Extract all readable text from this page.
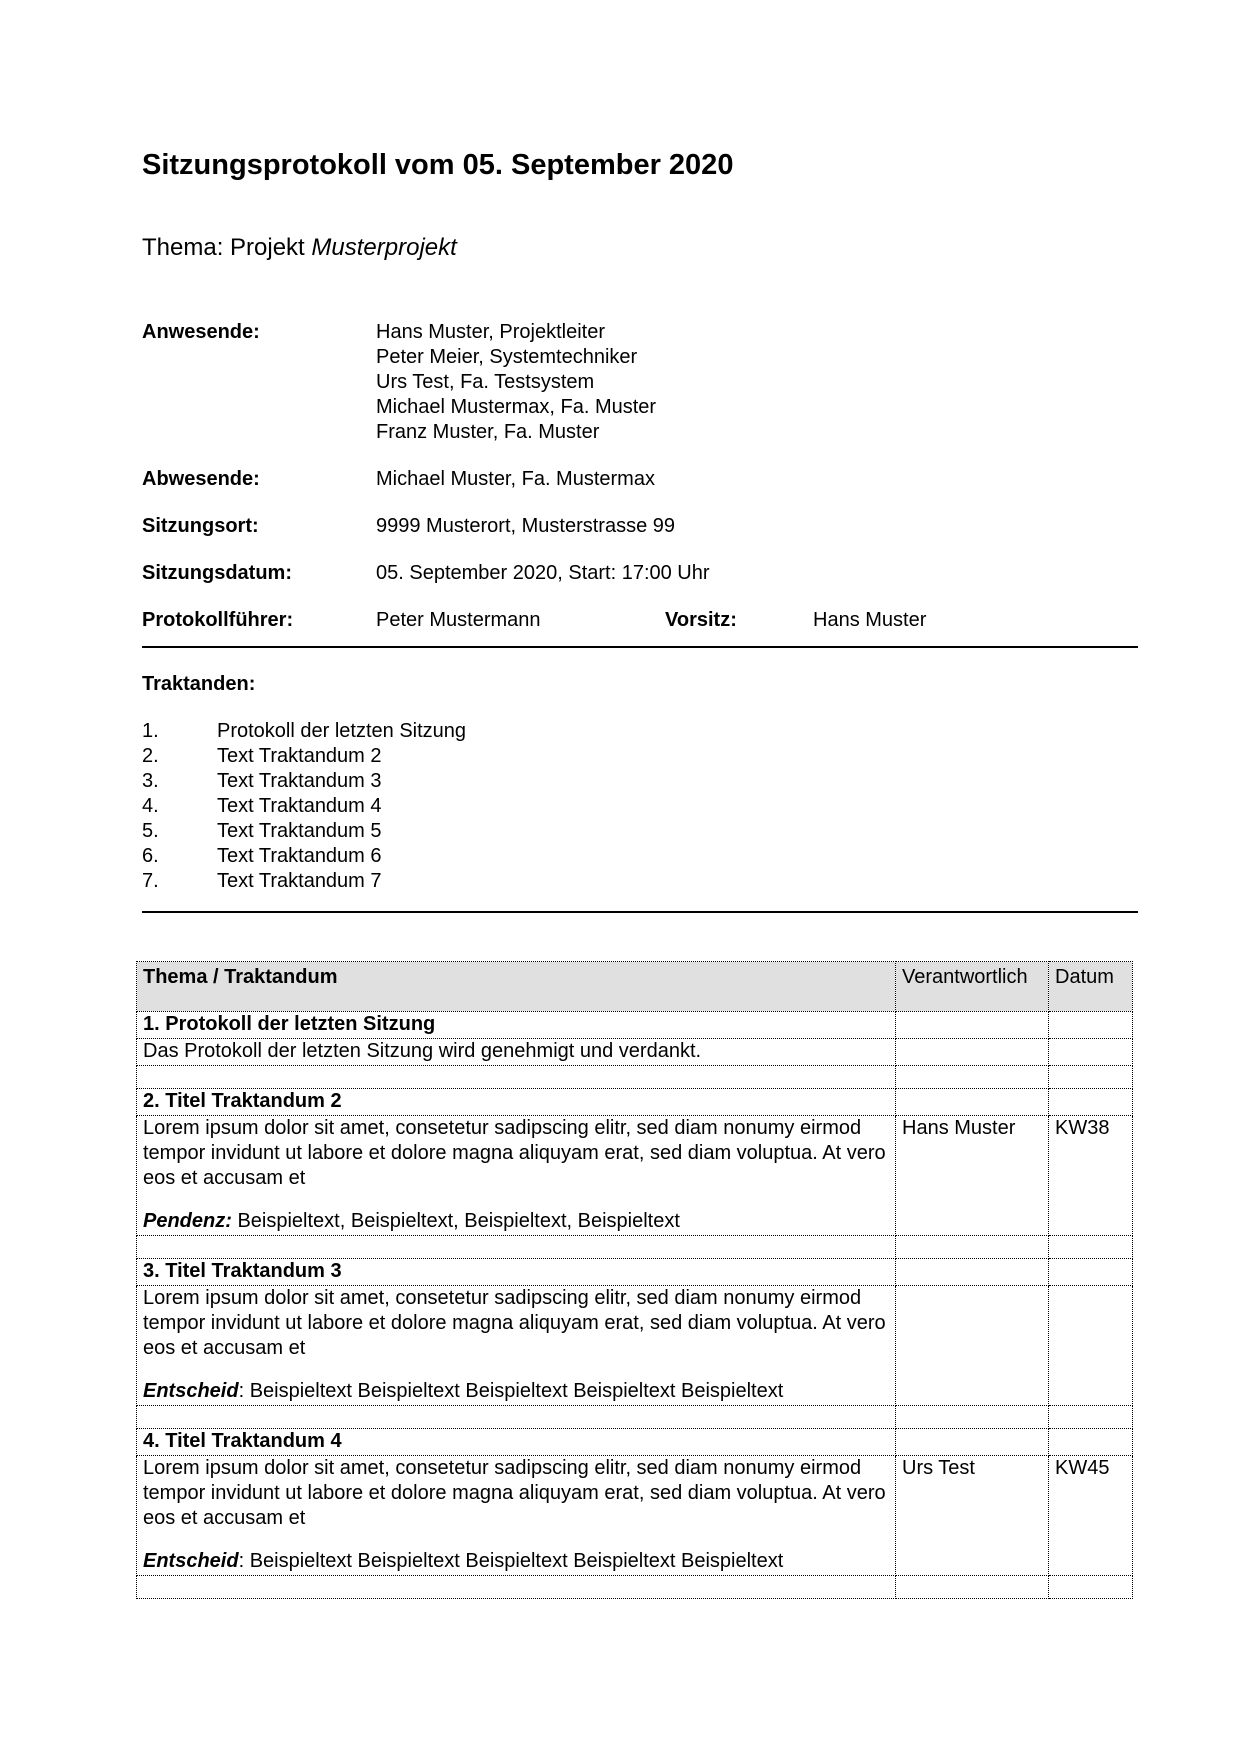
Sitzungsprotokoll vom 05. September 2020
Thema: Projekt Musterprojekt
Anwesende:	Hans Muster, Projektleiter
Peter Meier, Systemtechniker
Urs Test, Fa. Testsystem
Michael Mustermax, Fa. Muster
Franz Muster, Fa. Muster
Abwesende:	Michael Muster, Fa. Mustermax
Sitzungsort:	9999 Musterort, Musterstrasse 99
Sitzungsdatum:	05. September 2020, Start: 17:00 Uhr
Protokollführer:	Peter Mustermann	Vorsitz:	Hans Muster

Traktanden:

1.	Protokoll der letzten Sitzung
2.	Text Traktandum 2
3.	Text Traktandum 3
4.	Text Traktandum 4
5.	Text Traktandum 5
6.	Text Traktandum 6
7.	Text Traktandum 7
Thema / Traktandum	Verantwortlich	Datum
1. Protokoll der letzten Sitzung		
Das Protokoll der letzten Sitzung wird genehmigt und verdankt.		

2. Titel Traktandum 2		

Lorem ipsum dolor sit amet, consetetur sadipscing elitr, sed diam nonumy eirmod tempor invidunt ut labore et dolore magna aliquyam erat, sed diam voluptua. At vero eos et accusam et
Pendenz: Beispieltext, Beispieltext, Beispieltext, Beispieltext	Hans Muster	KW38

3. Titel Traktandum 3		

Lorem ipsum dolor sit amet, consetetur sadipscing elitr, sed diam nonumy eirmod tempor invidunt ut labore et dolore magna aliquyam erat, sed diam voluptua. At vero eos et accusam et
Entscheid: Beispieltext Beispieltext Beispieltext Beispieltext Beispieltext		

4. Titel Traktandum 4		

Lorem ipsum dolor sit amet, consetetur sadipscing elitr, sed diam nonumy eirmod tempor invidunt ut labore et dolore magna aliquyam erat, sed diam voluptua. At vero eos et accusam et
Entscheid: Beispieltext Beispieltext Beispieltext Beispieltext Beispieltext	Urs Test	KW45
